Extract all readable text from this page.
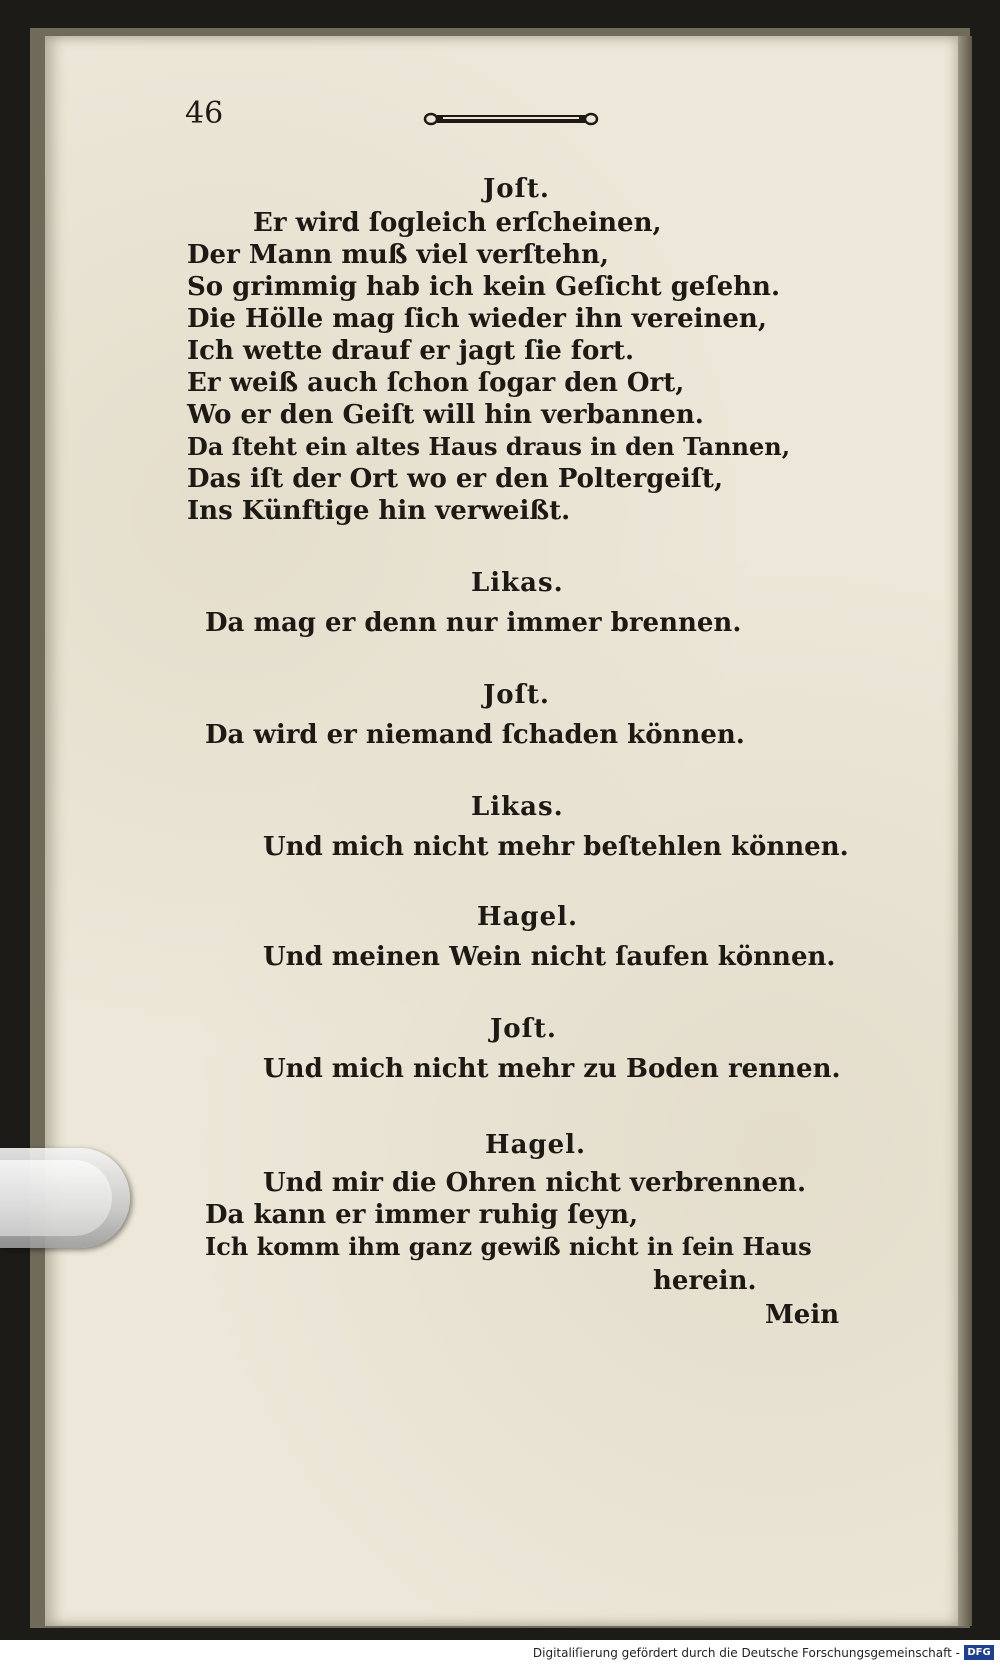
46
Joſt.
Er wird ſogleich erſcheinen,
Der Mann muß viel verſtehn,
So grimmig hab ich kein Geſicht geſehn.
Die Hölle mag ſich wieder ihn vereinen,
Ich wette drauf er jagt ſie fort.
Er weiß auch ſchon ſogar den Ort,
Wo er den Geiſt will hin verbannen.
Da ſteht ein altes Haus draus in den Tannen,
Das iſt der Ort wo er den Poltergeiſt,
Ins Künftige hin verweißt.
Likas.
Da mag er denn nur immer brennen.
Joſt.
Da wird er niemand ſchaden können.
Likas.
Und mich nicht mehr beſtehlen können.
Hagel.
Und meinen Wein nicht ſaufen können.
Joſt.
Und mich nicht mehr zu Boden rennen.
Hagel.
Und mir die Ohren nicht verbrennen.
Da kann er immer ruhig ſeyn,
Ich komm ihm ganz gewiß nicht in ſein Haus
herein.
Mein
Digitaliſierung gefördert durch die Deutsche Forschungsgemeinschaft - DFG
